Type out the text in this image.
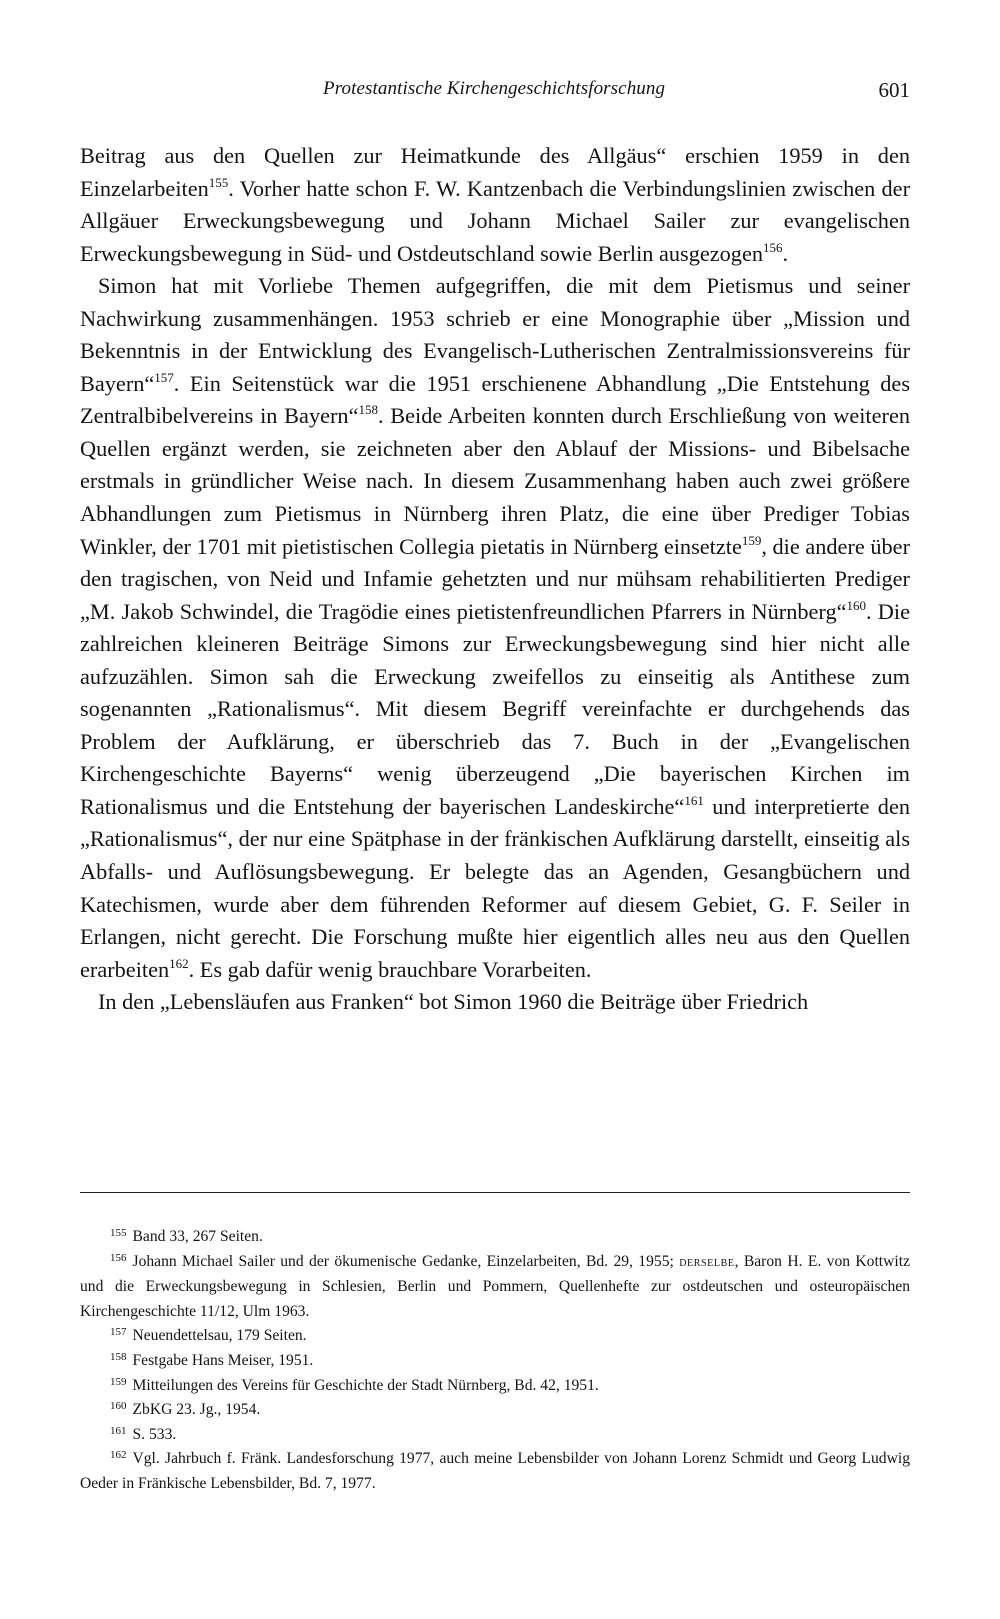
Protestantische Kirchengeschichtsforschung	601

Beitrag aus den Quellen zur Heimatkunde des Allgäus“ erschien 1959 in den Einzelarbeiten$^{155}$. Vorher hatte schon F. W. Kantzenbach die Verbindungslinien zwischen der Allgäuer Erweckungsbewegung und Johann Michael Sailer zur evangelischen Erweckungsbewegung in Süd- und Ostdeutschland sowie Berlin ausgezogen$^{156}$.

Simon hat mit Vorliebe Themen aufgegriffen, die mit dem Pietismus und seiner Nachwirkung zusammenhängen. 1953 schrieb er eine Monographie über „Mission und Bekenntnis in der Entwicklung des Evangelisch-Lutherischen Zentralmissionsvereins für Bayern“$^{157}$. Ein Seitenstück war die 1951 erschienene Abhandlung „Die Entstehung des Zentralbibelvereins in Bayern“$^{158}$. Beide Arbeiten konnten durch Erschließung von weiteren Quellen ergänzt werden, sie zeichneten aber den Ablauf der Missions- und Bibelsache erstmals in gründlicher Weise nach. In diesem Zusammenhang haben auch zwei größere Abhandlungen zum Pietismus in Nürnberg ihren Platz, die eine über Prediger Tobias Winkler, der 1701 mit pietistischen Collegia pietatis in Nürnberg einsetzte$^{159}$, die andere über den tragischen, von Neid und Infamie gehetzten und nur mühsam rehabilitierten Prediger „M. Jakob Schwindel, die Tragödie eines pietistenfreundlichen Pfarrers in Nürnberg“$^{160}$. Die zahlreichen kleineren Beiträge Simons zur Erweckungsbewegung sind hier nicht alle aufzuzählen. Simon sah die Erweckung zweifellos zu einseitig als Antithese zum sogenannten „Rationalismus“. Mit diesem Begriff vereinfachte er durchgehends das Problem der Aufklärung, er überschrieb das 7. Buch in der „Evangelischen Kirchengeschichte Bayerns“ wenig überzeugend „Die bayerischen Kirchen im Rationalismus und die Entstehung der bayerischen Landeskirche“$^{161}$ und interpretierte den „Rationalismus“, der nur eine Spätphase in der fränkischen Aufklärung darstellt, einseitig als Abfalls- und Auflösungsbewegung. Er belegte das an Agenden, Gesangbüchern und Katechismen, wurde aber dem führenden Reformer auf diesem Gebiet, G. F. Seiler in Erlangen, nicht gerecht. Die Forschung mußte hier eigentlich alles neu aus den Quellen erarbeiten$^{162}$. Es gab dafür wenig brauchbare Vorarbeiten.

In den „Lebensläufen aus Franken“ bot Simon 1960 die Beiträge über Friedrich

$^{155}$ Band 33, 267 Seiten.

$^{156}$ Johann Michael Sailer und der ökumenische Gedanke, Einzelarbeiten, Bd. 29, 1955; derselbe, Baron H. E. von Kottwitz und die Erweckungsbewegung in Schlesien, Berlin und Pommern, Quellenhefte zur ostdeutschen und osteuropäischen Kirchengeschichte 11/12, Ulm 1963.

$^{157}$ Neuendettelsau, 179 Seiten.

$^{158}$ Festgabe Hans Meiser, 1951.

$^{159}$ Mitteilungen des Vereins für Geschichte der Stadt Nürnberg, Bd. 42, 1951.

$^{160}$ ZbKG 23. Jg., 1954.

$^{161}$ S. 533.

$^{162}$ Vgl. Jahrbuch f. Fränk. Landesforschung 1977, auch meine Lebensbilder von Johann Lorenz Schmidt und Georg Ludwig Oeder in Fränkische Lebensbilder, Bd. 7, 1977.
